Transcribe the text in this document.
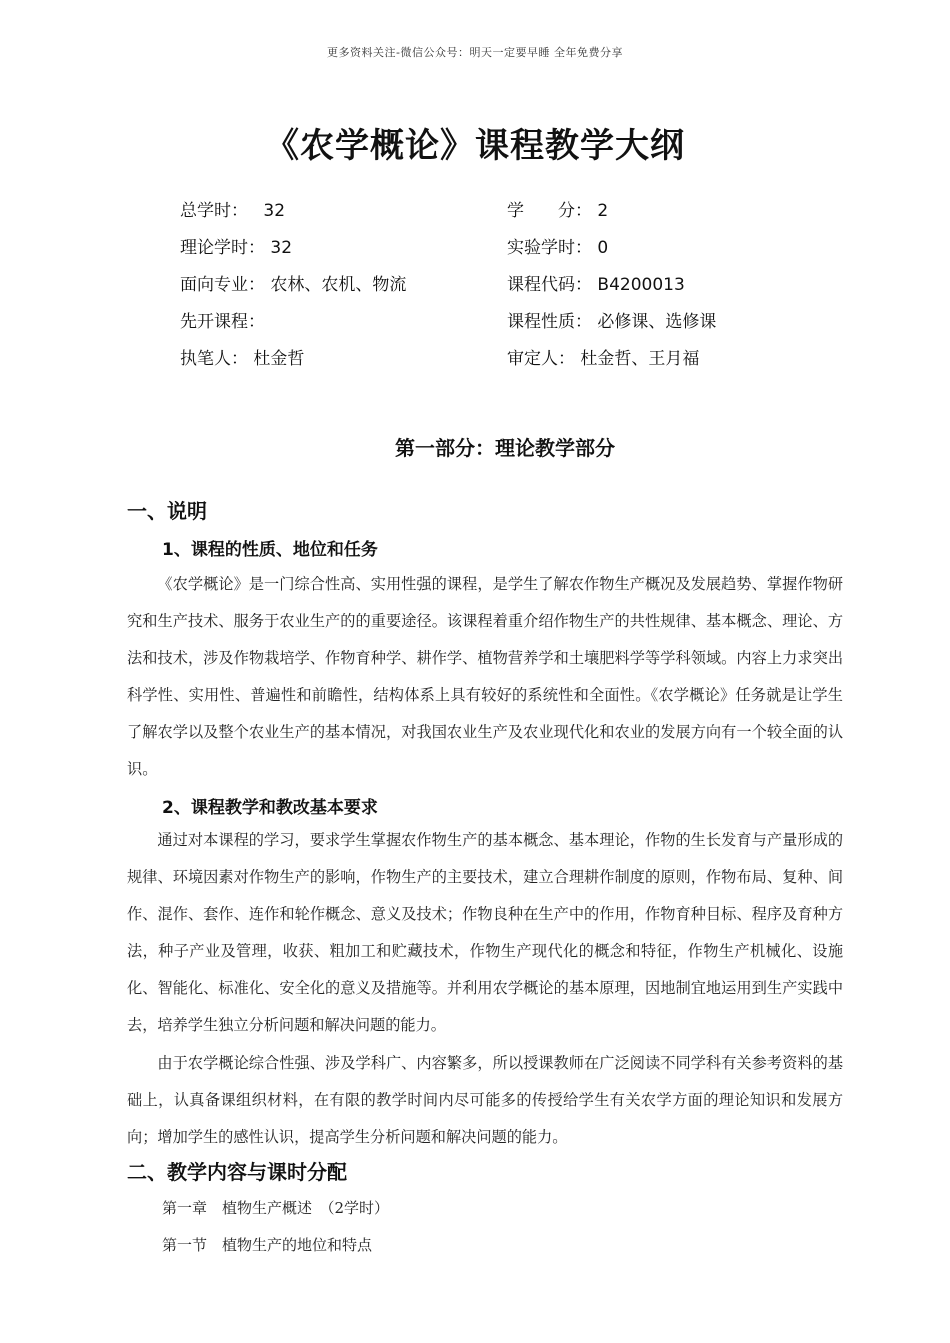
更多资料关注-微信公众号：明天一定要早睡 全年免费分享
《农学概论》课程教学大纲
总学时： 32	学　　分： 2
理论学时： 32	实验学时： 0
面向专业： 农林、农机、物流	课程代码： B4200013
先开课程：	课程性质： 必修课、选修课
执笔人： 杜金哲	审定人： 杜金哲、王月福
第一部分：理论教学部分
一、说明
1、课程的性质、地位和任务
《农学概论》是一门综合性高、实用性强的课程，是学生了解农作物生产概况及发展趋势、掌握作物研究和生产技术、服务于农业生产的的重要途径。该课程着重介绍作物生产的共性规律、基本概念、理论、方法和技术，涉及作物栽培学、作物育种学、耕作学、植物营养学和土壤肥料学等学科领域。内容上力求突出科学性、实用性、普遍性和前瞻性，结构体系上具有较好的系统性和全面性。《农学概论》任务就是让学生了解农学以及整个农业生产的基本情况，对我国农业生产及农业现代化和农业的发展方向有一个较全面的认识。
2、课程教学和教改基本要求
通过对本课程的学习，要求学生掌握农作物生产的基本概念、基本理论，作物的生长发育与产量形成的规律、环境因素对作物生产的影响，作物生产的主要技术，建立合理耕作制度的原则，作物布局、复种、间作、混作、套作、连作和轮作概念、意义及技术；作物良种在生产中的作用，作物育种目标、程序及育种方法，种子产业及管理，收获、粗加工和贮藏技术，作物生产现代化的概念和特征，作物生产机械化、设施化、智能化、标准化、安全化的意义及措施等。并利用农学概论的基本原理，因地制宜地运用到生产实践中去，培养学生独立分析问题和解决问题的能力。
由于农学概论综合性强、涉及学科广、内容繁多，所以授课教师在广泛阅读不同学科有关参考资料的基础上，认真备课组织材料，在有限的教学时间内尽可能多的传授给学生有关农学方面的理论知识和发展方向；增加学生的感性认识，提高学生分析问题和解决问题的能力。
二、教学内容与课时分配
第一章　植物生产概述　（2学时）
第一节　植物生产的地位和特点
